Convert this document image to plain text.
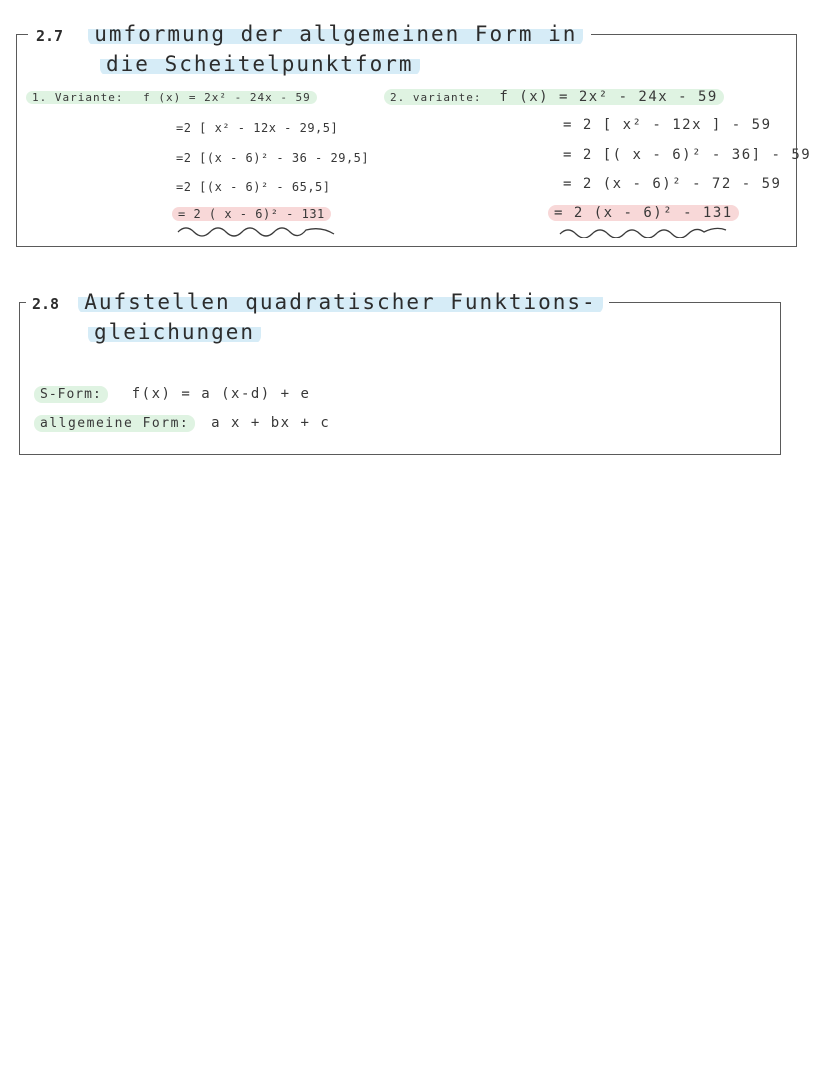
2.7 umformung der allgemeinen Form in
die Scheitelpunktform
1. Variante: f (x) = 2x² - 24x - 59
=2 [ x² - 12x - 29,5]
=2 [(x - 6)² - 36 - 29,5]
=2 [(x - 6)² - 65,5]
= 2 ( x - 6)² - 131
2. variante: f (x) = 2x² - 24x - 59
= 2 [ x² - 12x ] - 59
= 2 [( x - 6)² - 36] - 59
= 2 (x - 6)² - 72 - 59
= 2 (x - 6)² - 131
2.8 Aufstellen quadratischer Funktions-
gleichungen
S-Form: f(x) = a (x-d) + e
allgemeine Form: a x + bx + c
